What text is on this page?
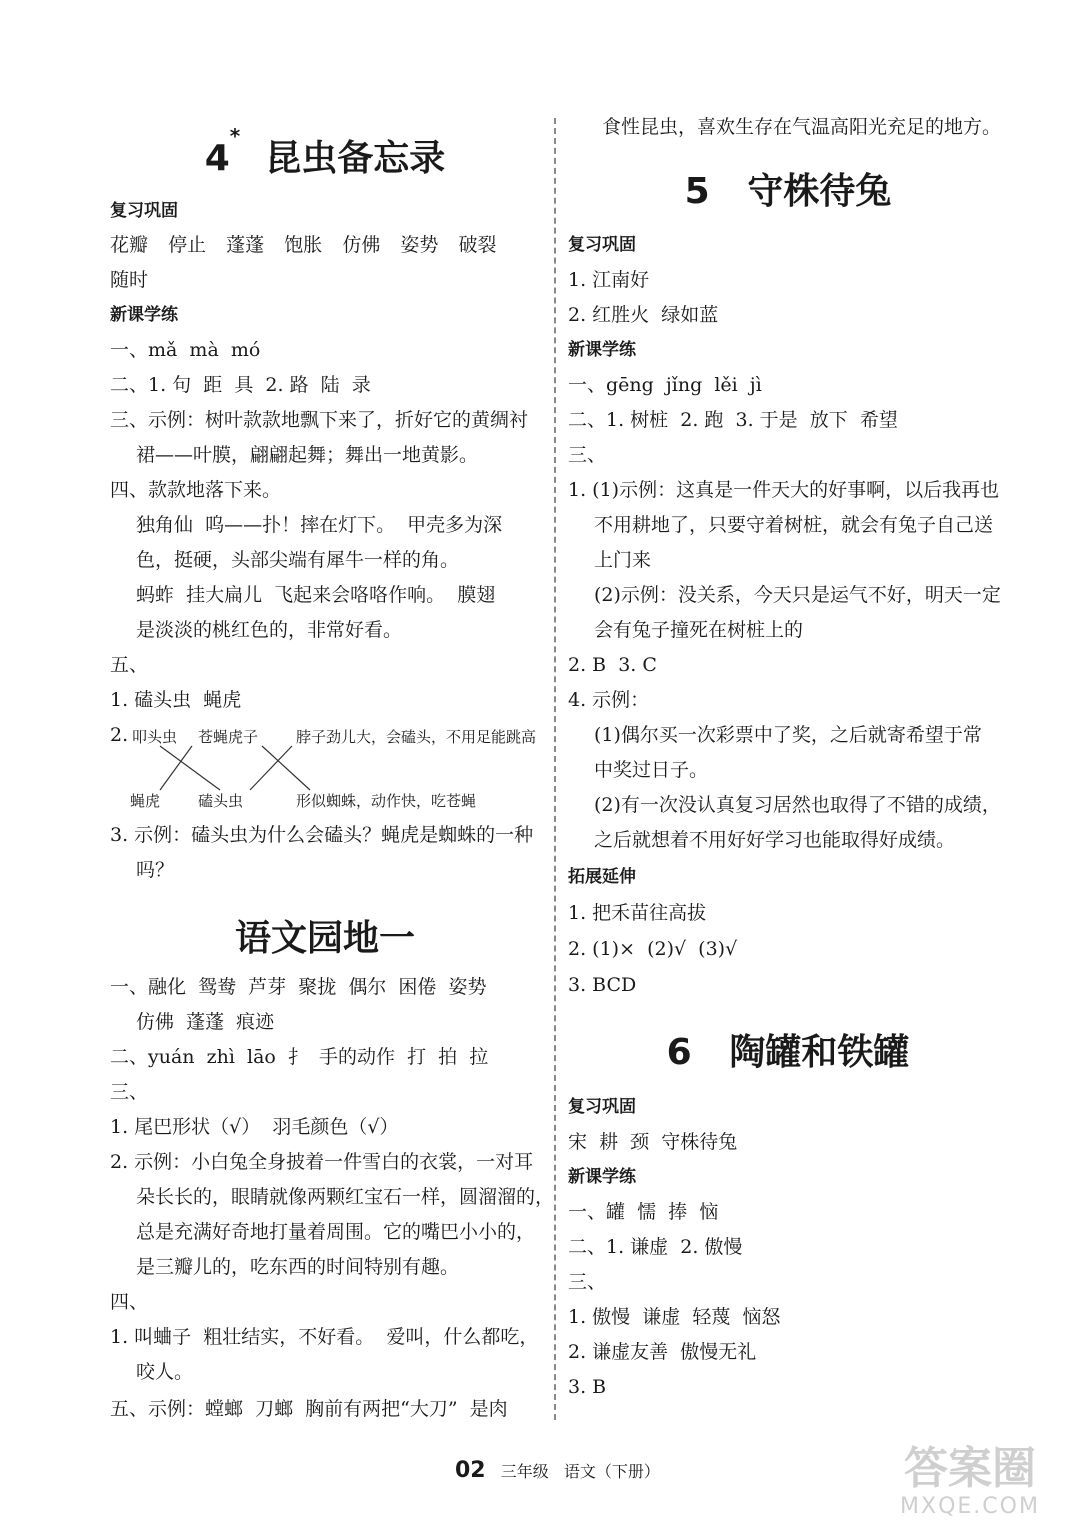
4*  昆虫备忘录
复习巩固
花瓣  停止  蓬蓬  饱胀  仿佛  姿势  破裂
随时
新课学练
一、mǎ  mà  mó
二、1. 句  距  具  2. 路  陆  录
三、示例：树叶款款地飘下来了，折好它的黄绸衬
裙——叶膜，翩翩起舞；舞出一地黄影。
四、款款地落下来。
独角仙  呜——扑！摔在灯下。  甲壳多为深
色，挺硬，头部尖端有犀牛一样的角。
蚂蚱  挂大扁儿  飞起来会咯咯作响。  膜翅
是淡淡的桃红色的，非常好看。
五、
1. 磕头虫  蝇虎
2. 叩头虫 苍蝇虎子	脖子劲儿大，会磕头，不用足能跳高
蝇虎	磕头虫	形似蜘蛛，动作快，吃苍蝇
3. 示例：磕头虫为什么会磕头？蝇虎是蜘蛛的一种
吗？
语文园地一
一、融化  鸳鸯  芦芽  聚拢  偶尔  困倦  姿势
仿佛  蓬蓬  痕迹
二、yuán  zhì  lāo  扌  手的动作  打  拍  拉
三、
1. 尾巴形状（√）  羽毛颜色（√）
2. 示例：小白兔全身披着一件雪白的衣裳，一对耳
朵长长的，眼睛就像两颗红宝石一样，圆溜溜的，
总是充满好奇地打量着周围。它的嘴巴小小的，
是三瓣儿的，吃东西的时间特别有趣。
四、
1. 叫蛐子  粗壮结实，不好看。  爱叫，什么都吃，
咬人。
五、示例：螳螂  刀螂  胸前有两把“大刀”  是肉
食性昆虫，喜欢生存在气温高阳光充足的地方。
5 守株待兔
复习巩固
1. 江南好
2. 红胜火  绿如蓝
新课学练
一、gēng  jǐng  lěi  jì
二、1. 树桩  2. 跑  3. 于是  放下  希望
三、
1. (1)示例：这真是一件天大的好事啊，以后我再也
不用耕地了，只要守着树桩，就会有兔子自己送
上门来
(2)示例：没关系，今天只是运气不好，明天一定
会有兔子撞死在树桩上的
2. B  3. C
4. 示例：
(1)偶尔买一次彩票中了奖，之后就寄希望于常
中奖过日子。
(2)有一次没认真复习居然也取得了不错的成绩，
之后就想着不用好好学习也能取得好成绩。
拓展延伸
1. 把禾苗往高拔
2. (1)×  (2)√  (3)√
3. BCD
6 陶罐和铁罐
复习巩固
宋  耕  颈  守株待兔
新课学练
一、罐  懦  捧  恼
二、1. 谦虚  2. 傲慢
三、
1. 傲慢  谦虚  轻蔑  恼怒
2. 谦虚友善  傲慢无礼
3. B
02 三年级 语文（下册）	答案圈
MXQE.COM
